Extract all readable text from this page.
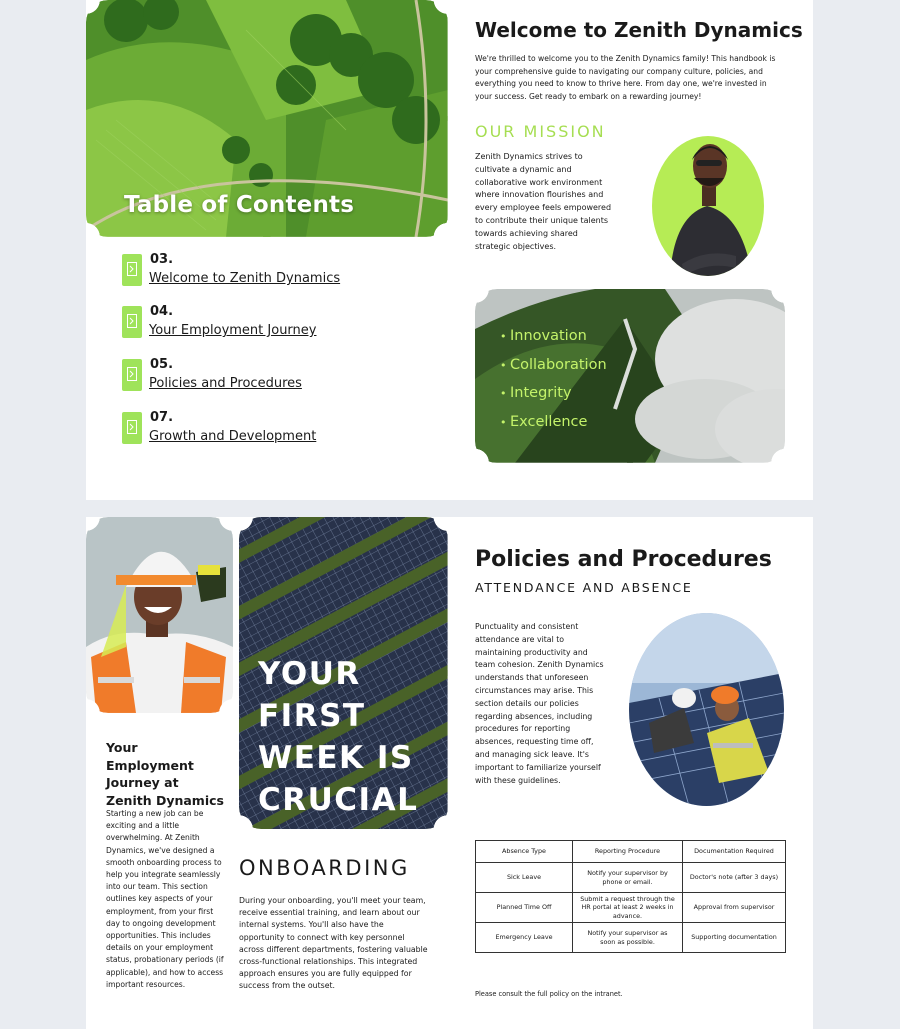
Table of Contents
03.
Welcome to Zenith Dynamics
04.
Your Employment Journey
05.
Policies and Procedures
07.
Growth and Development
Welcome to Zenith Dynamics
We're thrilled to welcome you to the Zenith Dynamics family! This handbook is your comprehensive guide to navigating our company culture, policies, and everything you need to know to thrive here. From day one, we're invested in your success. Get ready to embark on a rewarding journey!
OUR MISSION
Zenith Dynamics strives to cultivate a dynamic and collaborative work environment where innovation flourishes and every employee feels empowered to contribute their unique talents towards achieving shared strategic objectives.
• Innovation
• Collaboration
• Integrity
• Excellence
YOUR FIRST WEEK IS CRUCIAL
Your Employment Journey at Zenith Dynamics
Starting a new job can be exciting and a little overwhelming. At Zenith Dynamics, we've designed a smooth onboarding process to help you integrate seamlessly into our team. This section outlines key aspects of your employment, from your first day to ongoing development opportunities. This includes details on your employment status, probationary periods (if applicable), and how to access important resources.
ONBOARDING
During your onboarding, you'll meet your team, receive essential training, and learn about our internal systems. You'll also have the opportunity to connect with key personnel across different departments, fostering valuable cross-functional relationships. This integrated approach ensures you are fully equipped for success from the outset.
Policies and Procedures
ATTENDANCE AND ABSENCE
Punctuality and consistent attendance are vital to maintaining productivity and team cohesion. Zenith Dynamics understands that unforeseen circumstances may arise. This section details our policies regarding absences, including procedures for reporting absences, requesting time off, and managing sick leave. It's important to familiarize yourself with these guidelines.
Absence Type	Reporting Procedure	Documentation Required
Sick Leave	Notify your supervisor by phone or email.	Doctor's note (after 3 days)
Planned Time Off	Submit a request through the HR portal at least 2 weeks in advance.	Approval from supervisor
Emergency Leave	Notify your supervisor as soon as possible.	Supporting documentation
Please consult the full policy on the intranet.
